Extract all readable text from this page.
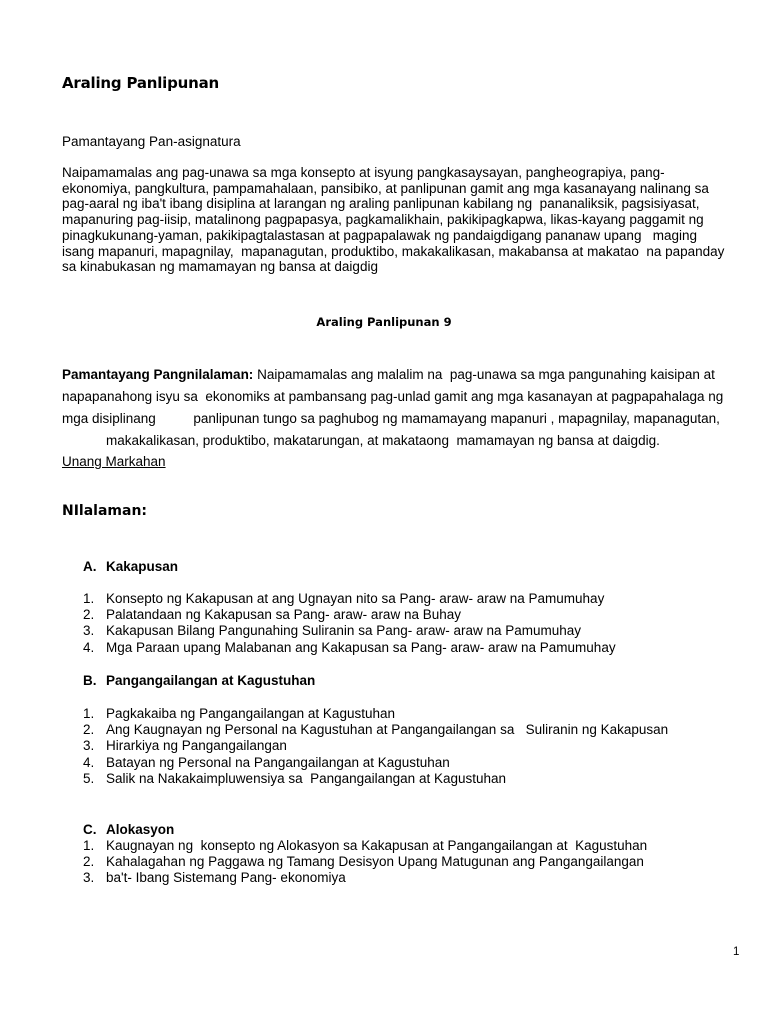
Araling Panlipunan
Pamantayang Pan-asignatura
Naipamamalas ang pag-unawa sa mga konsepto at isyung pangkasaysayan, pangheograpiya, pang-
ekonomiya, pangkultura, pampamahalaan, pansibiko, at panlipunan gamit ang mga kasanayang nalinang sa
pag-aaral ng iba't ibang disiplina at larangan ng araling panlipunan kabilang ng  pananaliksik, pagsisiyasat,
mapanuring pag-iisip, matalinong pagpapasya, pagkamalikhain, pakikipagkapwa, likas-kayang paggamit ng
pinagkukunang-yaman, pakikipagtalastasan at pagpapalawak ng pandaigdigang pananaw upang   maging
isang mapanuri, mapagnilay,  mapanagutan, produktibo, makakalikasan, makabansa at makatao  na papanday
sa kinabukasan ng mamamayan ng bansa at daigdig
Araling Panlipunan 9
Pamantayang Pangnilalaman: Naipamamalas ang malalim na  pag-unawa sa mga pangunahing kaisipan at
napapanahong isyu sa  ekonomiks at pambansang pag-unlad gamit ang mga kasanayan at pagpapahalaga ng
mga disiplinang          panlipunan tungo sa paghubog ng mamamayang mapanuri , mapagnilay, mapanagutan,
makakalikasan, produktibo, makatarungan, at makataong  mamamayan ng bansa at daigdig.
Unang Markahan
NIlalaman:
A. Kakapusan
1. Konsepto ng Kakapusan at ang Ugnayan nito sa Pang- araw- araw na Pamumuhay
2. Palatandaan ng Kakapusan sa Pang- araw- araw na Buhay
3. Kakapusan Bilang Pangunahing Suliranin sa Pang- araw- araw na Pamumuhay
4. Mga Paraan upang Malabanan ang Kakapusan sa Pang- araw- araw na Pamumuhay
B. Pangangailangan at Kagustuhan
1. Pagkakaiba ng Pangangailangan at Kagustuhan
2. Ang Kaugnayan ng Personal na Kagustuhan at Pangangailangan sa   Suliranin ng Kakapusan
3. Hirarkiya ng Pangangailangan
4. Batayan ng Personal na Pangangailangan at Kagustuhan
5. Salik na Nakakaimpluwensiya sa  Pangangailangan at Kagustuhan
C. Alokasyon
1. Kaugnayan ng  konsepto ng Alokasyon sa Kakapusan at Pangangailangan at  Kagustuhan
2. Kahalagahan ng Paggawa ng Tamang Desisyon Upang Matugunan ang Pangangailangan
3. ba't- Ibang Sistemang Pang- ekonomiya
1
